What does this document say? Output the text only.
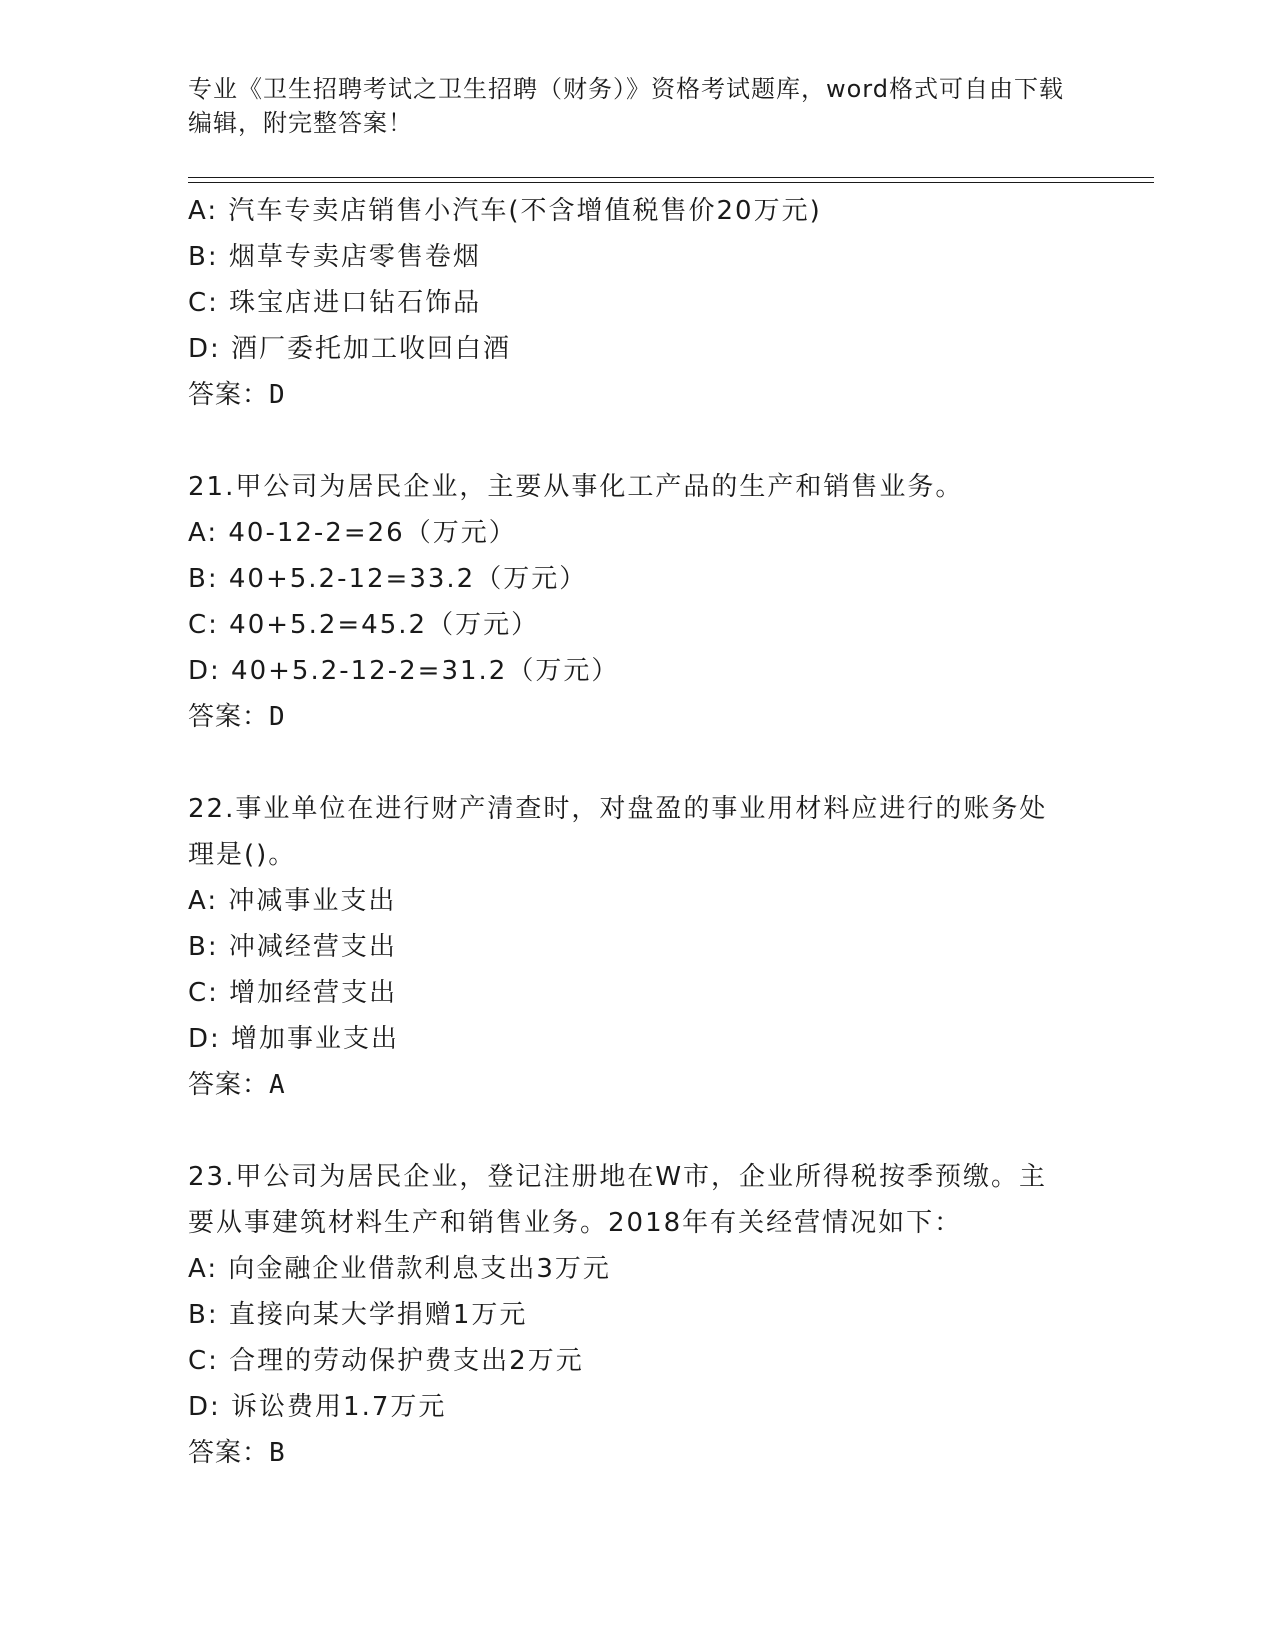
专业《卫生招聘考试之卫生招聘（财务）》资格考试题库，word格式可自由下载
编辑，附完整答案！
A: 汽车专卖店销售小汽车(不含增值税售价20万元)
B: 烟草专卖店零售卷烟
C: 珠宝店进口钻石饰品
D: 酒厂委托加工收回白酒
答案：D
21.甲公司为居民企业，主要从事化工产品的生产和销售业务。
A: 40-12-2=26（万元）
B: 40+5.2-12=33.2（万元）
C: 40+5.2=45.2（万元）
D: 40+5.2-12-2=31.2（万元）
答案：D
22.事业单位在进行财产清查时，对盘盈的事业用材料应进行的账务处
理是()。
A: 冲减事业支出
B: 冲减经营支出
C: 增加经营支出
D: 增加事业支出
答案：A
23.甲公司为居民企业，登记注册地在W市，企业所得税按季预缴。主
要从事建筑材料生产和销售业务。2018年有关经营情况如下：
A: 向金融企业借款利息支出3万元
B: 直接向某大学捐赠1万元
C: 合理的劳动保护费支出2万元
D: 诉讼费用1.7万元
答案：B
